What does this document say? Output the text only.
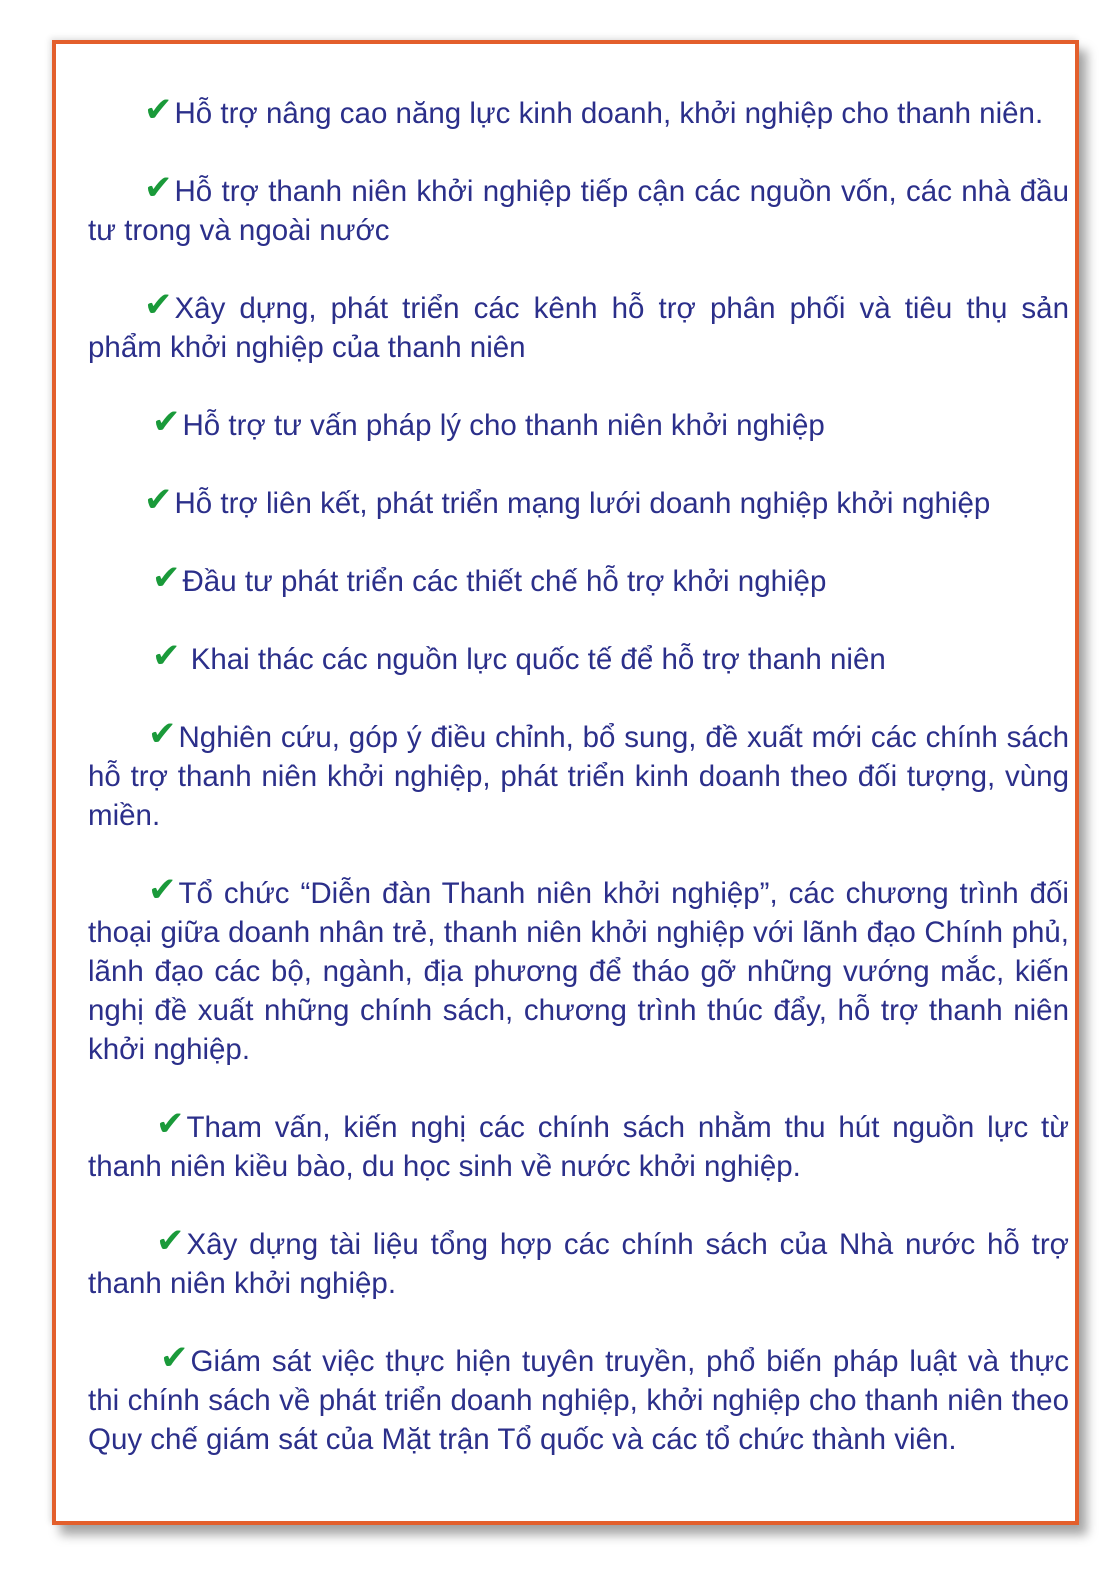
✔Hỗ trợ nâng cao năng lực kinh doanh, khởi nghiệp cho thanh niên.

✔Hỗ trợ thanh niên khởi nghiệp tiếp cận các nguồn vốn, các nhà đầu tư trong và ngoài nước

✔Xây dựng, phát triển các kênh hỗ trợ phân phối và tiêu thụ sản phẩm khởi nghiệp của thanh niên

✔Hỗ trợ tư vấn pháp lý cho thanh niên khởi nghiệp

✔Hỗ trợ liên kết, phát triển mạng lưới doanh nghiệp khởi nghiệp

✔Đầu tư phát triển các thiết chế hỗ trợ khởi nghiệp

✔ Khai thác các nguồn lực quốc tế để hỗ trợ thanh niên

✔Nghiên cứu, góp ý điều chỉnh, bổ sung, đề xuất mới các chính sách hỗ trợ thanh niên khởi nghiệp, phát triển kinh doanh theo đối tượng, vùng miền.

✔Tổ chức “Diễn đàn Thanh niên khởi nghiệp”, các chương trình đối thoại giữa doanh nhân trẻ, thanh niên khởi nghiệp với lãnh đạo Chính phủ, lãnh đạo các bộ, ngành, địa phương để tháo gỡ những vướng mắc, kiến nghị đề xuất những chính sách, chương trình thúc đẩy, hỗ trợ thanh niên khởi nghiệp.

✔Tham vấn, kiến nghị các chính sách nhằm thu hút nguồn lực từ thanh niên kiều bào, du học sinh về nước khởi nghiệp.

✔Xây dựng tài liệu tổng hợp các chính sách của Nhà nước hỗ trợ thanh niên khởi nghiệp.

✔Giám sát việc thực hiện tuyên truyền, phổ biến pháp luật và thực thi chính sách về phát triển doanh nghiệp, khởi nghiệp cho thanh niên theo Quy chế giám sát của Mặt trận Tổ quốc và các tổ chức thành viên.
